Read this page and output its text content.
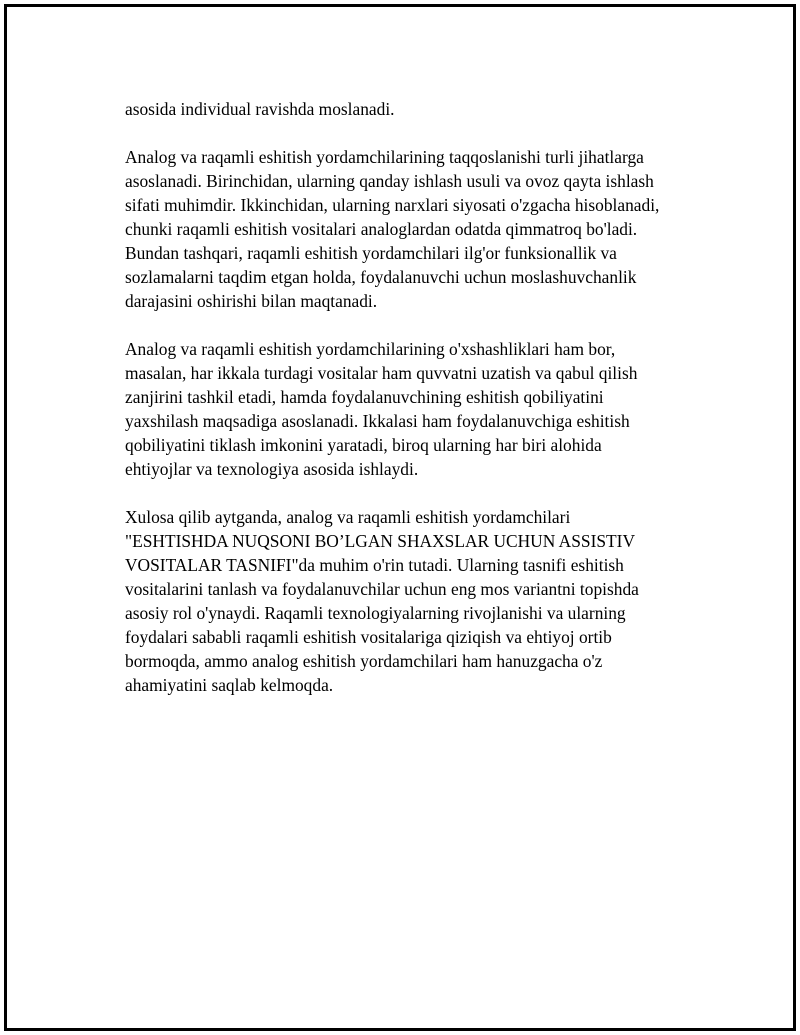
asosida individual ravishda moslanadi.

Analog va raqamli eshitish yordamchilarining taqqoslanishi turli jihatlarga
asoslanadi. Birinchidan, ularning qanday ishlash usuli va ovoz qayta ishlash
sifati muhimdir. Ikkinchidan, ularning narxlari siyosati o'zgacha hisoblanadi,
chunki raqamli eshitish vositalari analoglardan odatda qimmatroq bo'ladi.
Bundan tashqari, raqamli eshitish yordamchilari ilg'or funksionallik va
sozlamalarni taqdim etgan holda, foydalanuvchi uchun moslashuvchanlik
darajasini oshirishi bilan maqtanadi.

Analog va raqamli eshitish yordamchilarining o'xshashliklari ham bor,
masalan, har ikkala turdagi vositalar ham quvvatni uzatish va qabul qilish
zanjirini tashkil etadi, hamda foydalanuvchining eshitish qobiliyatini
yaxshilash maqsadiga asoslanadi. Ikkalasi ham foydalanuvchiga eshitish
qobiliyatini tiklash imkonini yaratadi, biroq ularning har biri alohida
ehtiyojlar va texnologiya asosida ishlaydi.

Xulosa qilib aytganda, analog va raqamli eshitish yordamchilari
"ESHTISHDA NUQSONI BO’LGAN SHAXSLAR UCHUN ASSISTIV
VOSITALAR TASNIFI"da muhim o'rin tutadi. Ularning tasnifi eshitish
vositalarini tanlash va foydalanuvchilar uchun eng mos variantni topishda
asosiy rol o'ynaydi. Raqamli texnologiyalarning rivojlanishi va ularning
foydalari sababli raqamli eshitish vositalariga qiziqish va ehtiyoj ortib
bormoqda, ammo analog eshitish yordamchilari ham hanuzgacha o'z
ahamiyatini saqlab kelmoqda.
